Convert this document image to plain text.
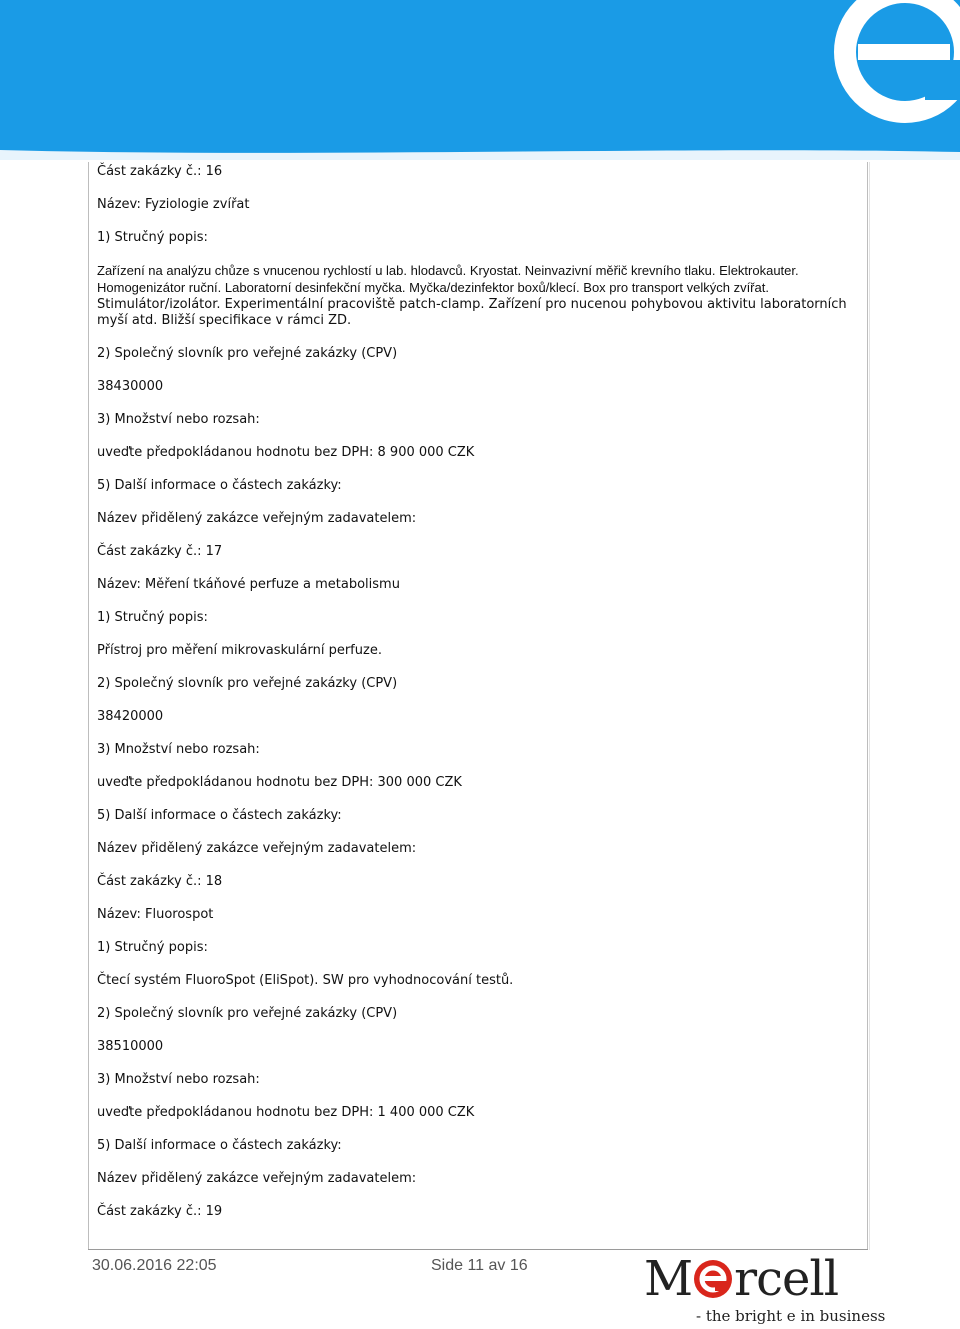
Část zakázky č.: 16

Název: Fyziologie zvířat

1) Stručný popis:

Zařízení na analýzu chůze s vnucenou rychlostí u lab. hlodavců. Kryostat. Neinvazivní měřič krevního tlaku. Elektrokauter. Homogenizátor ruční. Laboratorní desinfekční myčka. Myčka/dezinfektor boxů/klecí. Box pro transport velkých zvířat. Stimulátor/izolátor. Experimentální pracoviště patch-clamp. Zařízení pro nucenou pohybovou aktivitu laboratorních myší atd. Bližší specifikace v rámci ZD.

2) Společný slovník pro veřejné zakázky (CPV)

38430000

3) Množství nebo rozsah:

uveďte předpokládanou hodnotu bez DPH: 8 900 000 CZK

5) Další informace o částech zakázky:

Název přidělený zakázce veřejným zadavatelem:

Část zakázky č.: 17

Název: Měření tkáňové perfuze a metabolismu

1) Stručný popis:

Přístroj pro měření mikrovaskulární perfuze.

2) Společný slovník pro veřejné zakázky (CPV)

38420000

3) Množství nebo rozsah:

uveďte předpokládanou hodnotu bez DPH: 300 000 CZK

5) Další informace o částech zakázky:

Název přidělený zakázce veřejným zadavatelem:

Část zakázky č.: 18

Název: Fluorospot

1) Stručný popis:

Čtecí systém FluoroSpot (EliSpot). SW pro vyhodnocování testů.

2) Společný slovník pro veřejné zakázky (CPV)

38510000

3) Množství nebo rozsah:

uveďte předpokládanou hodnotu bez DPH: 1 400 000 CZK

5) Další informace o částech zakázky:

Název přidělený zakázce veřejným zadavatelem:

Část zakázky č.: 19

30.06.2016 22:05	Side 11 av 16 M rcell
- the bright e in business
